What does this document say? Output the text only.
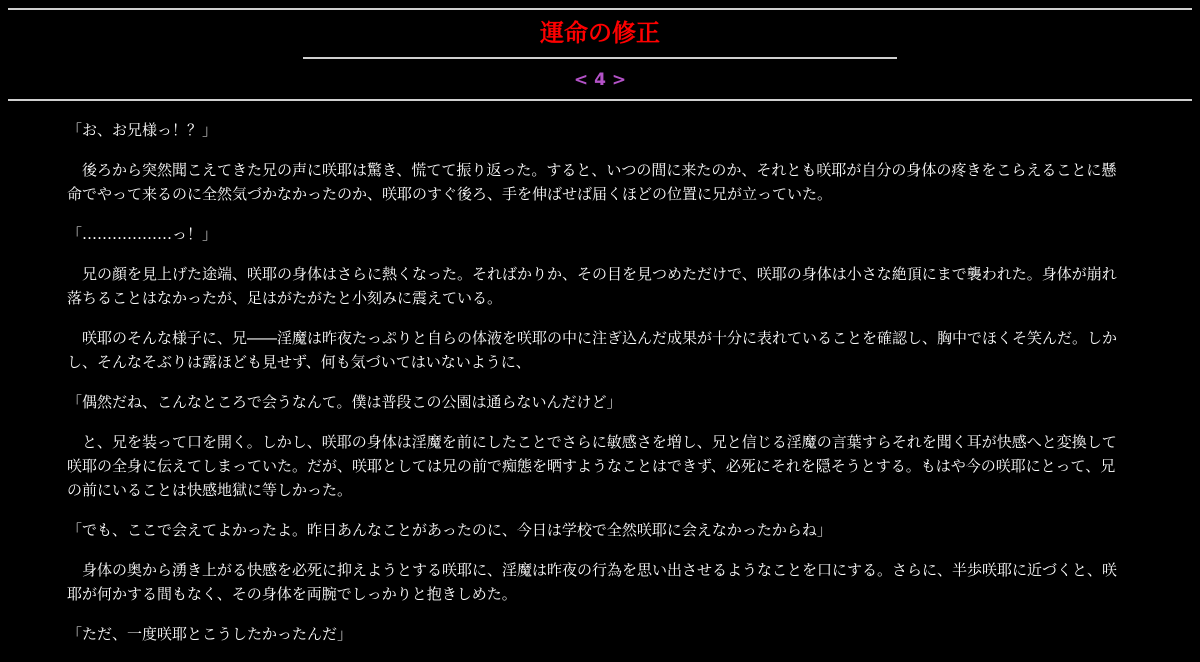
運命の修正
< 4 >

「お、お兄様っ！？」

後ろから突然聞こえてきた兄の声に咲耶は驚き、慌てて振り返った。すると、いつの間に来たのか、それとも咲耶が自分の身体の疼きをこらえることに懸命でやって来るのに全然気づかなかったのか、咲耶のすぐ後ろ、手を伸ばせば届くほどの位置に兄が立っていた。

「………………っ！」

兄の顔を見上げた途端、咲耶の身体はさらに熱くなった。そればかりか、その目を見つめただけで、咲耶の身体は小さな絶頂にまで襲われた。身体が崩れ落ちることはなかったが、足はがたがたと小刻みに震えている。

咲耶のそんな様子に、兄――淫魔は昨夜たっぷりと自らの体液を咲耶の中に注ぎ込んだ成果が十分に表れていることを確認し、胸中でほくそ笑んだ。しかし、そんなそぶりは露ほども見せず、何も気づいてはいないように、

「偶然だね、こんなところで会うなんて。僕は普段この公園は通らないんだけど」

と、兄を装って口を開く。しかし、咲耶の身体は淫魔を前にしたことでさらに敏感さを増し、兄と信じる淫魔の言葉すらそれを聞く耳が快感へと変換して咲耶の全身に伝えてしまっていた。だが、咲耶としては兄の前で痴態を晒すようなことはできず、必死にそれを隠そうとする。もはや今の咲耶にとって、兄の前にいることは快感地獄に等しかった。

「でも、ここで会えてよかったよ。昨日あんなことがあったのに、今日は学校で全然咲耶に会えなかったからね」

身体の奥から湧き上がる快感を必死に抑えようとする咲耶に、淫魔は昨夜の行為を思い出させるようなことを口にする。さらに、半歩咲耶に近づくと、咲耶が何かする間もなく、その身体を両腕でしっかりと抱きしめた。

「ただ、一度咲耶とこうしたかったんだ」
